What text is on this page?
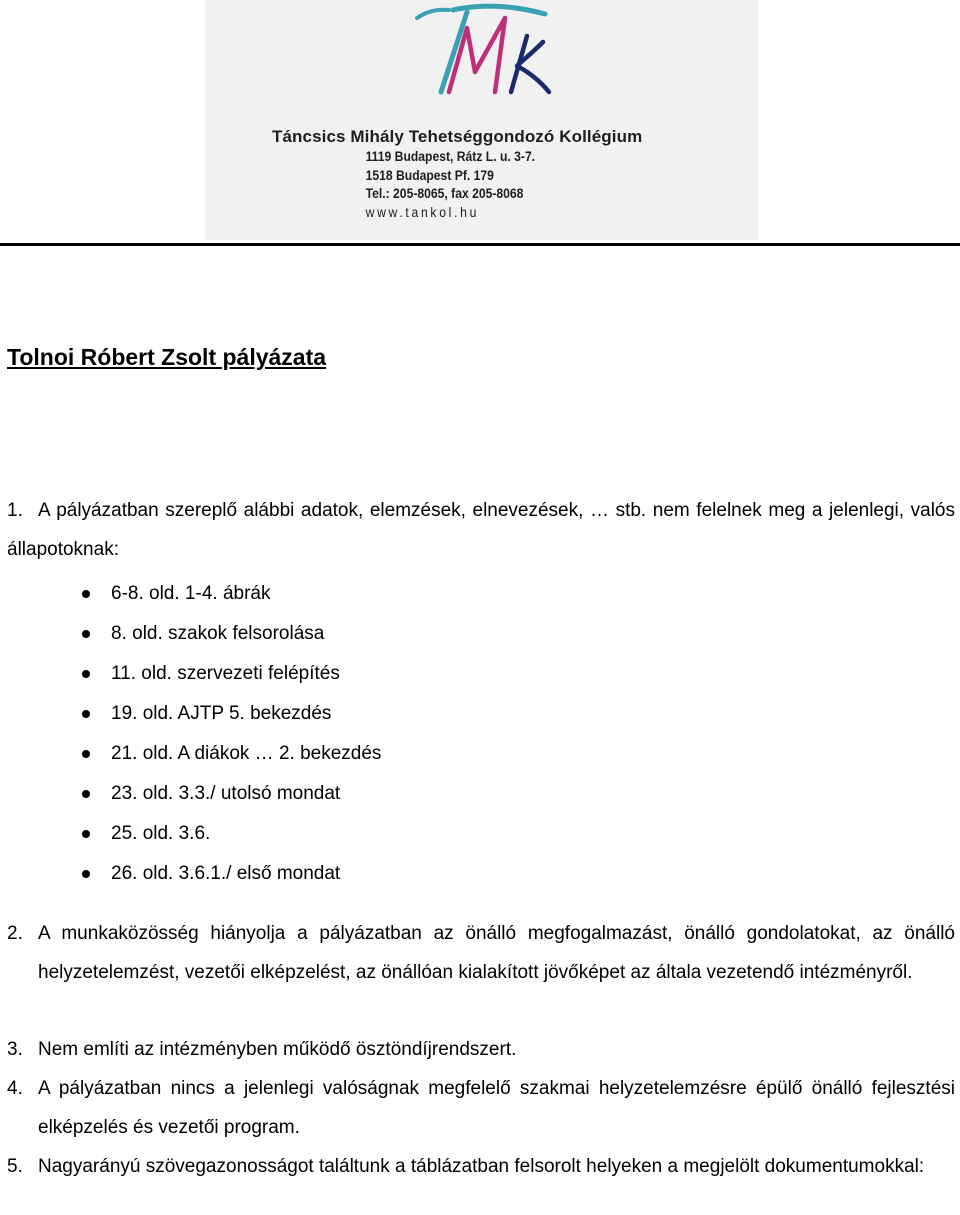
Táncsics Mihály Tehetséggondozó Kollégium
1119 Budapest, Rátz L. u. 3-7.
1518 Budapest Pf. 179
Tel.: 205-8065, fax 205-8068
www.tankol.hu
Tolnoi Róbert Zsolt pályázata
1. A pályázatban szereplő alábbi adatok, elemzések, elnevezések, … stb. nem felelnek meg a jelenlegi, valós állapotoknak:
6-8. old. 1-4. ábrák
8. old. szakok felsorolása
11. old. szervezeti felépítés
19. old. AJTP 5. bekezdés
21. old. A diákok … 2. bekezdés
23. old. 3.3./ utolsó mondat
25. old. 3.6.
26. old. 3.6.1./ első mondat
2. A munkaközösség hiányolja a pályázatban az önálló megfogalmazást, önálló gondolatokat, az önálló helyzetelemzést, vezetői elképzelést, az önállóan kialakított jövőképet az általa vezetendő intézményről.
3. Nem említi az intézményben működő ösztöndíjrendszert.
4. A pályázatban nincs a jelenlegi valóságnak megfelelő szakmai helyzetelemzésre épülő önálló fejlesztési elképzelés és vezetői program.
5. Nagyarányú szövegazonosságot találtunk a táblázatban felsorolt helyeken a megjelölt dokumentumokkal:
